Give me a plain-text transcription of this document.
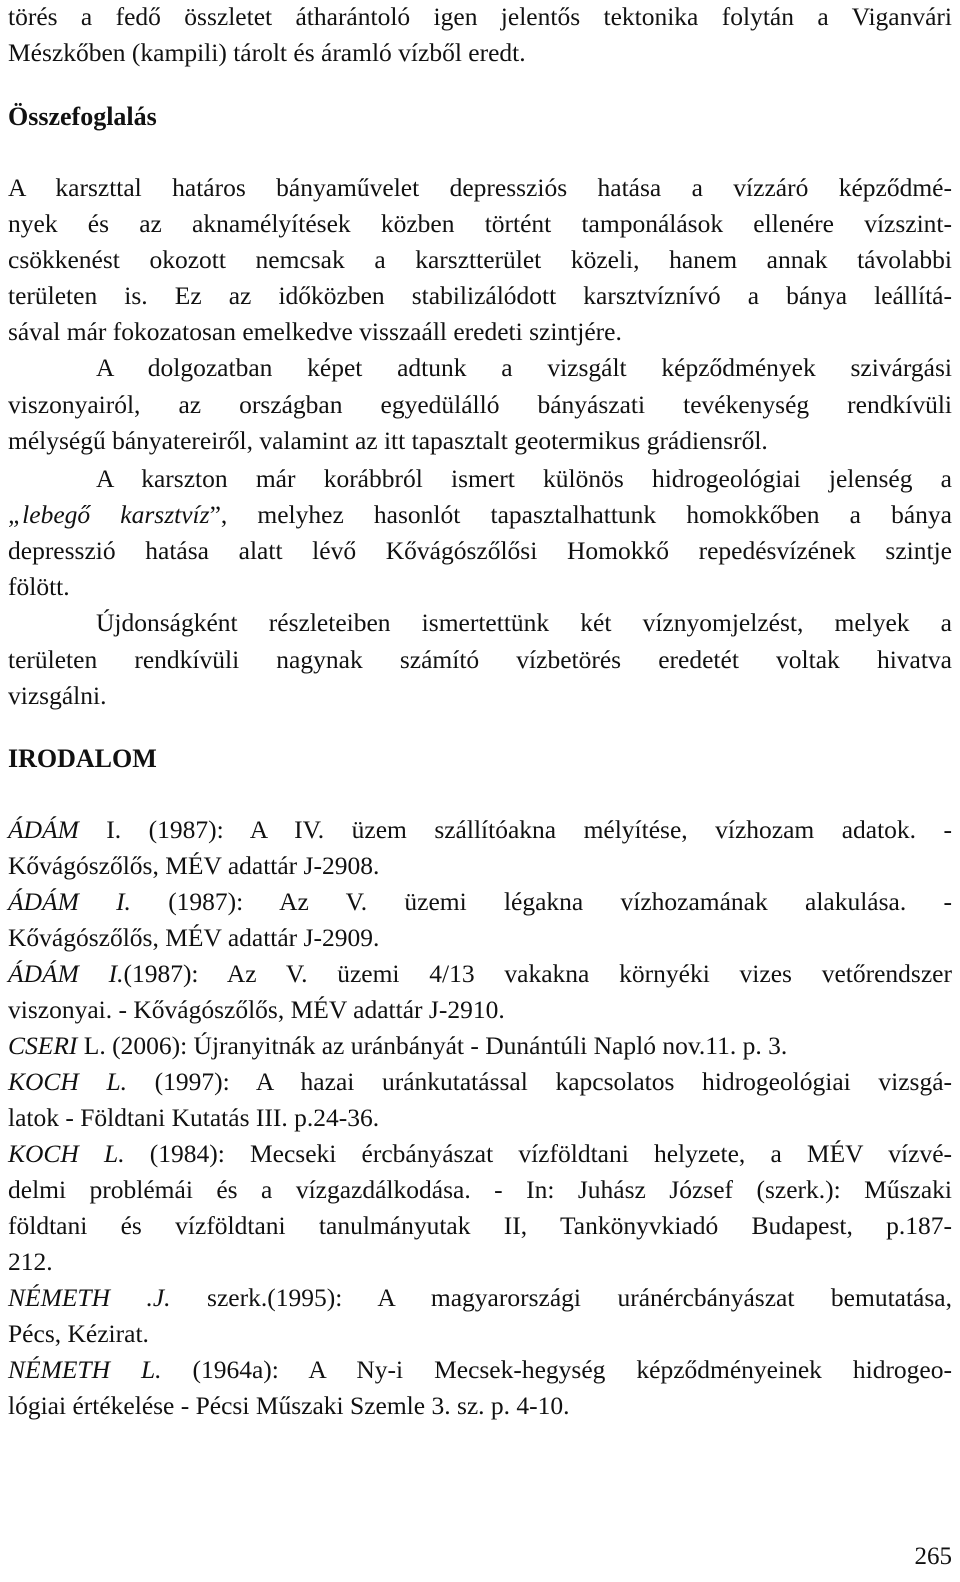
törés a fedő összletet átharántoló igen jelentős tektonika folytán a Viganvári
Mészkőben (kampili) tárolt és áramló vízből eredt.
Összefoglalás
A karszttal határos bányaművelet depressziós hatása a vízzáró képződmé-
nyek és az aknamélyítések közben történt tamponálások ellenére vízszint-
csökkenést okozott nemcsak a karsztterület közeli, hanem annak távolabbi
területen is. Ez az időközben stabilizálódott karsztvíznívó a bánya leállítá-
sával már fokozatosan emelkedve visszaáll eredeti szintjére.
A dolgozatban képet adtunk a vizsgált képződmények szivárgási
viszonyairól, az országban egyedülálló bányászati tevékenység rendkívüli
mélységű bányatereiről, valamint az itt tapasztalt geotermikus grádiensről.
A karszton már korábbról ismert különös hidrogeológiai jelenség a
„lebegő karsztvíz”, melyhez hasonlót tapasztalhattunk homokkőben a bánya
depresszió hatása alatt lévő Kővágószőlősi Homokkő repedésvízének szintje
fölött.
Újdonságként részleteiben ismertettünk két víznyomjelzést, melyek a
területen rendkívüli nagynak számító vízbetörés eredetét voltak hivatva
vizsgálni.
IRODALOM
ÁDÁM I. (1987): A IV. üzem szállítóakna mélyítése, vízhozam adatok. -
Kővágószőlős, MÉV adattár J-2908.
ÁDÁM I. (1987): Az V. üzemi légakna vízhozamának alakulása. -
Kővágószőlős, MÉV adattár J-2909.
ÁDÁM I.(1987): Az V. üzemi 4/13 vakakna környéki vizes vetőrendszer
viszonyai. - Kővágószőlős, MÉV adattár J-2910.
CSERI L. (2006): Újranyitnák az uránbányát - Dunántúli Napló nov.11. p. 3.
KOCH L. (1997): A hazai uránkutatással kapcsolatos hidrogeológiai vizsgá-
latok - Földtani Kutatás III. p.24-36.
KOCH L. (1984): Mecseki ércbányászat vízföldtani helyzete, a MÉV vízvé-
delmi problémái és a vízgazdálkodása. - In: Juhász József (szerk.): Műszaki
földtani és vízföldtani tanulmányutak II, Tankönyvkiadó Budapest, p.187-
212.
NÉMETH .J. szerk.(1995): A magyarországi uránércbányászat bemutatása,
Pécs, Kézirat.
NÉMETH L. (1964a): A Ny-i Mecsek-hegység képződményeinek hidrogeo-
lógiai értékelése - Pécsi Műszaki Szemle 3. sz. p. 4-10.
265
